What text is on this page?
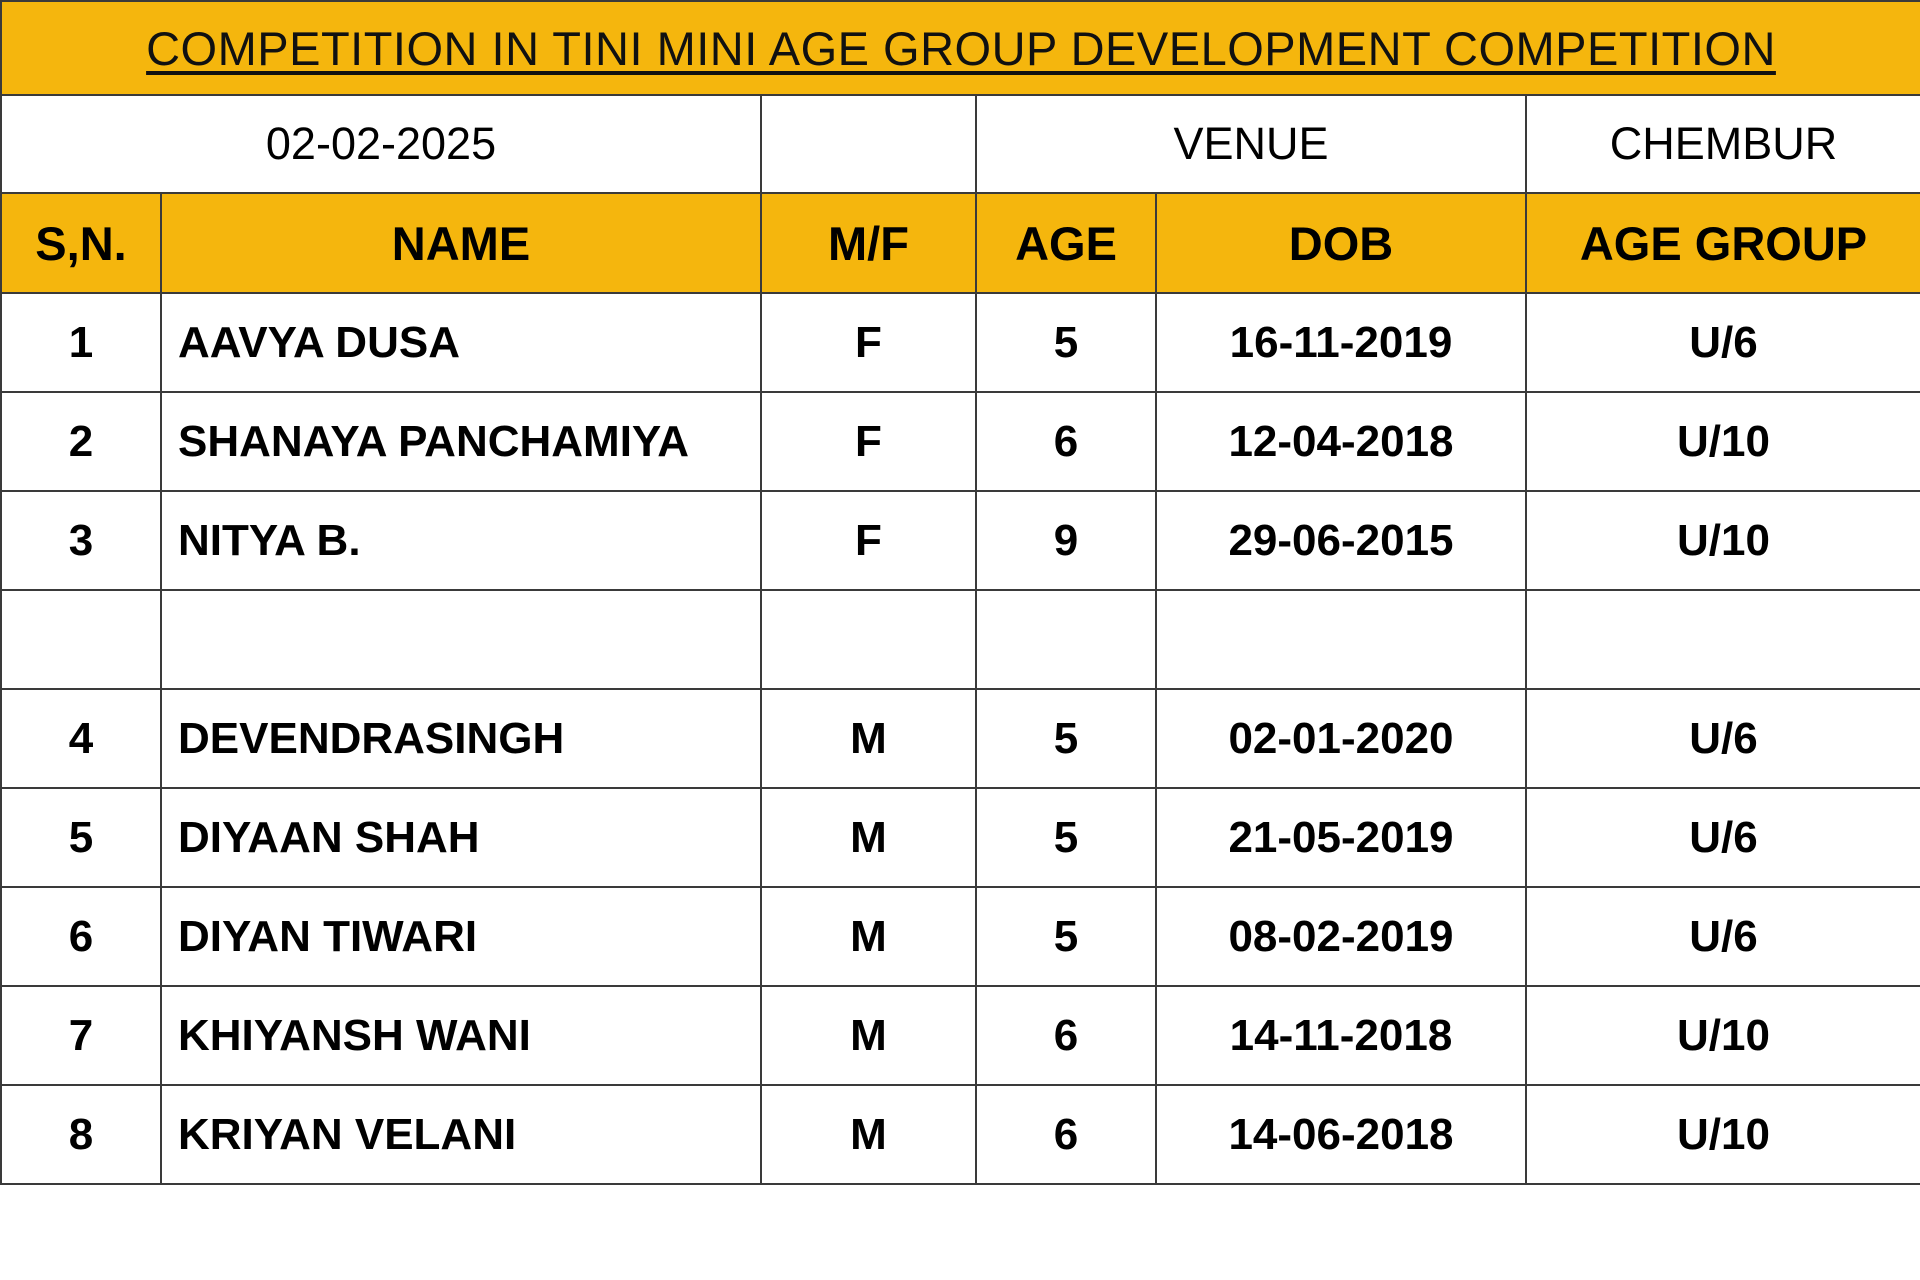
COMPETITION IN TINI MINI AGE GROUP DEVELOPMENT COMPETITION					
02-02-2025			VENUE		CHEMBUR
S,N.	NAME	M/F	AGE	DOB	AGE GROUP
1	AAVYA DUSA	F	5	16-11-2019	U/6
2	SHANAYA PANCHAMIYA	F	6	12-04-2018	U/10
3	NITYA B.	F	9	29-06-2015	U/10

4	DEVENDRASINGH	M	5	02-01-2020	U/6
5	DIYAAN SHAH	M	5	21-05-2019	U/6
6	DIYAN TIWARI	M	5	08-02-2019	U/6
7	KHIYANSH WANI	M	6	14-11-2018	U/10
8	KRIYAN VELANI	M	6	14-06-2018	U/10
